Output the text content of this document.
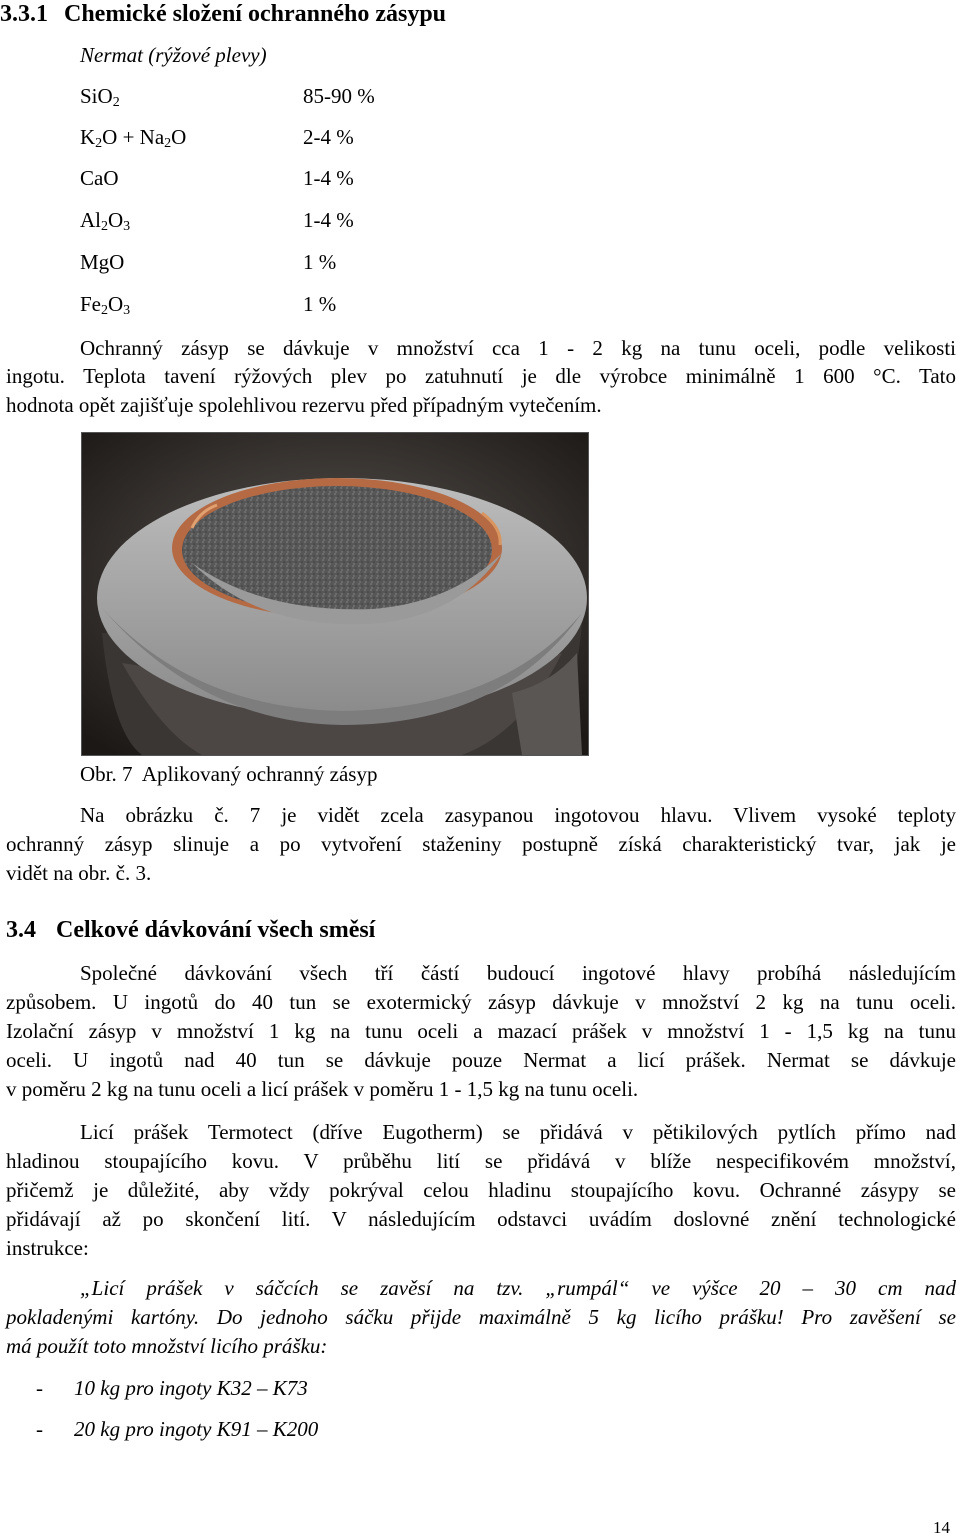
3.3.1 Chemické složení ochranného zásypu
Nermat (rýžové plevy)
SiO$_2$	85-90 %
$K_2O + Na_2O$	2-4 %
CaO	1-4 %
$Al_2O_3$	1-4 %
MgO	1 %
$Fe_2O_3$	1 %
Ochranný zásyp se dávkuje v množství cca 1 - 2 kg na tunu oceli, podle velikosti
ingotu. Teplota tavení rýžových plev po zatuhnutí je dle výrobce minimálně 1 600 °C. Tato
hodnota opět zajišťuje spolehlivou rezervu před případným vytečením.
Obr. 7  Aplikovaný ochranný zásyp
Na obrázku č. 7 je vidět zcela zasypanou ingotovou hlavu. Vlivem vysoké teploty
ochranný zásyp slinuje a po vytvoření staženiny postupně získá charakteristický tvar, jak je
vidět na obr. č. 3.
3.4 Celkové dávkování všech směsí
Společné dávkování všech tří částí budoucí ingotové hlavy probíhá následujícím
způsobem. U ingotů do 40 tun se exotermický zásyp dávkuje v množství 2 kg na tunu oceli.
Izolační zásyp v množství 1 kg na tunu oceli a mazací prášek v množství 1 - 1,5 kg na tunu
oceli. U ingotů nad 40 tun se dávkuje pouze Nermat a licí prášek. Nermat se dávkuje
v poměru 2 kg na tunu oceli a licí prášek v poměru 1 - 1,5 kg na tunu oceli.
Licí prášek Termotect (dříve Eugotherm) se přidává v pětikilových pytlích přímo nad
hladinou stoupajícího kovu. V průběhu lití se přidává v blíže nespecifikovém množství,
přičemž je důležité, aby vždy pokrýval celou hladinu stoupajícího kovu. Ochranné zásypy se
přidávají až po skončení lití. V následujícím odstavci uvádím doslovné znění technologické
instrukce:
„Licí prášek v sáčcích se zavěsí na tzv. „rumpál“ ve výšce 20 – 30 cm nad
pokladenými kartóny. Do jednoho sáčku přijde maximálně 5 kg licího prášku! Pro zavěšení se
má použít toto množství licího prášku:
- 10 kg pro ingoty K32 – K73
- 20 kg pro ingoty K91 – K200
14
